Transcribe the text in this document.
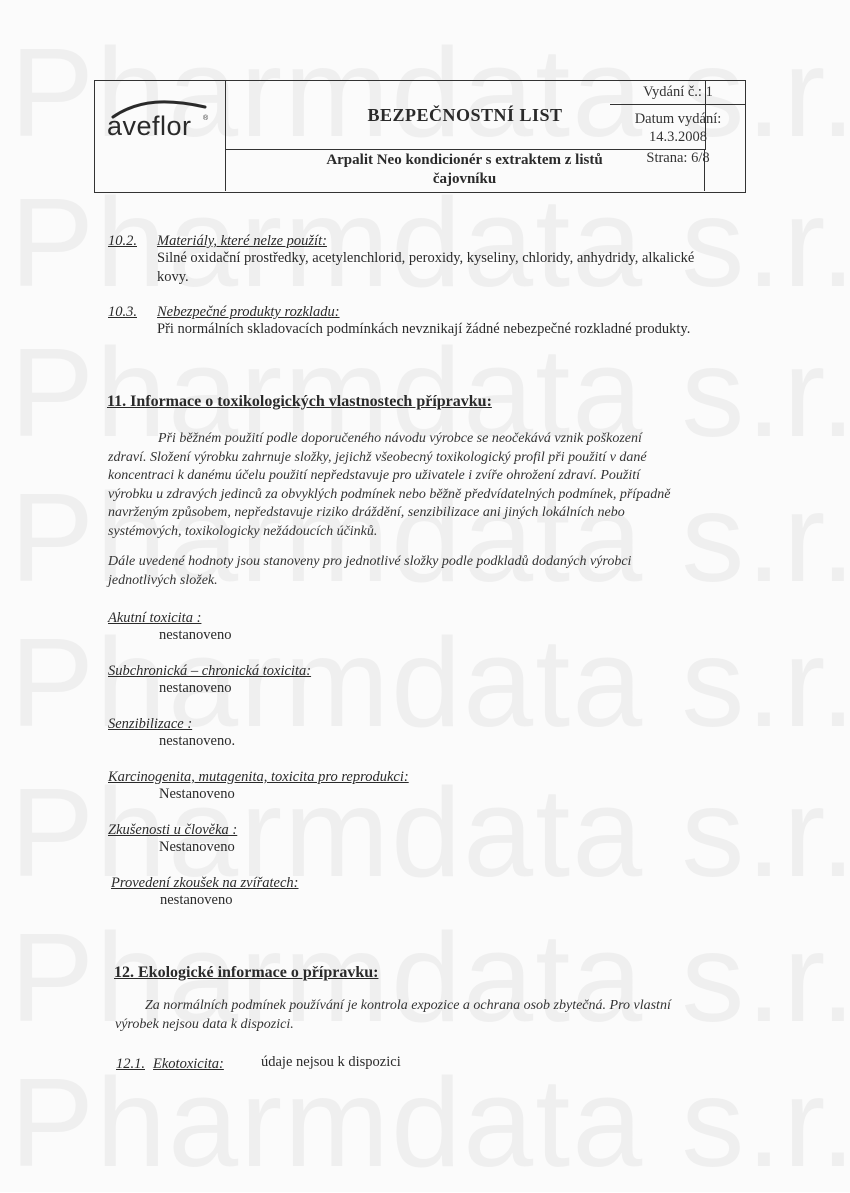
aveflor ®	BEZPEČNOSTNÍ LIST
Arpalit Neo kondicionér s extraktem z listů
čajovníku
Vydání č.: 1
Datum vydání:
14.3.2008
Strana: 6/8
10.2. Materiály, které nelze použít:
Silné oxidační prostředky, acetylenchlorid, peroxidy, kyseliny, chloridy, anhydridy, alkalické
kovy.
10.3. Nebezpečné produkty rozkladu:
Při normálních skladovacích podmínkách nevznikají žádné nebezpečné rozkladné produkty.
11. Informace o toxikologických vlastnostech přípravku:
Při běžném použití podle doporučeného návodu výrobce se neočekává vznik poškození
zdraví. Složení výrobku zahrnuje složky, jejichž všeobecný toxikologický profil při použití v dané
koncentraci k danému účelu použití nepředstavuje pro uživatele i zvíře ohrožení zdraví. Použití
výrobku u zdravých jedinců za obvyklých podmínek nebo běžně předvídatelných podmínek, případně
navrženým způsobem, nepředstavuje riziko dráždění, senzibilizace ani jiných lokálních nebo
systémových, toxikologicky nežádoucích účinků.
Dále uvedené hodnoty jsou stanoveny pro jednotlivé složky podle podkladů dodaných výrobci
jednotlivých složek.
Akutní toxicita :
nestanoveno
Subchronická – chronická toxicita:
nestanoveno
Senzibilizace :
nestanoveno.
Karcinogenita, mutagenita, toxicita pro reprodukci:
Nestanoveno
Zkušenosti u člověka :
Nestanoveno
Provedení zkoušek na zvířatech:
nestanoveno
12. Ekologické informace o přípravku:
Za normálních podmínek používání je kontrola expozice a ochrana osob zbytečná. Pro vlastní
výrobek nejsou data k dispozici.
12.1. Ekotoxicita:	údaje nejsou k dispozici
